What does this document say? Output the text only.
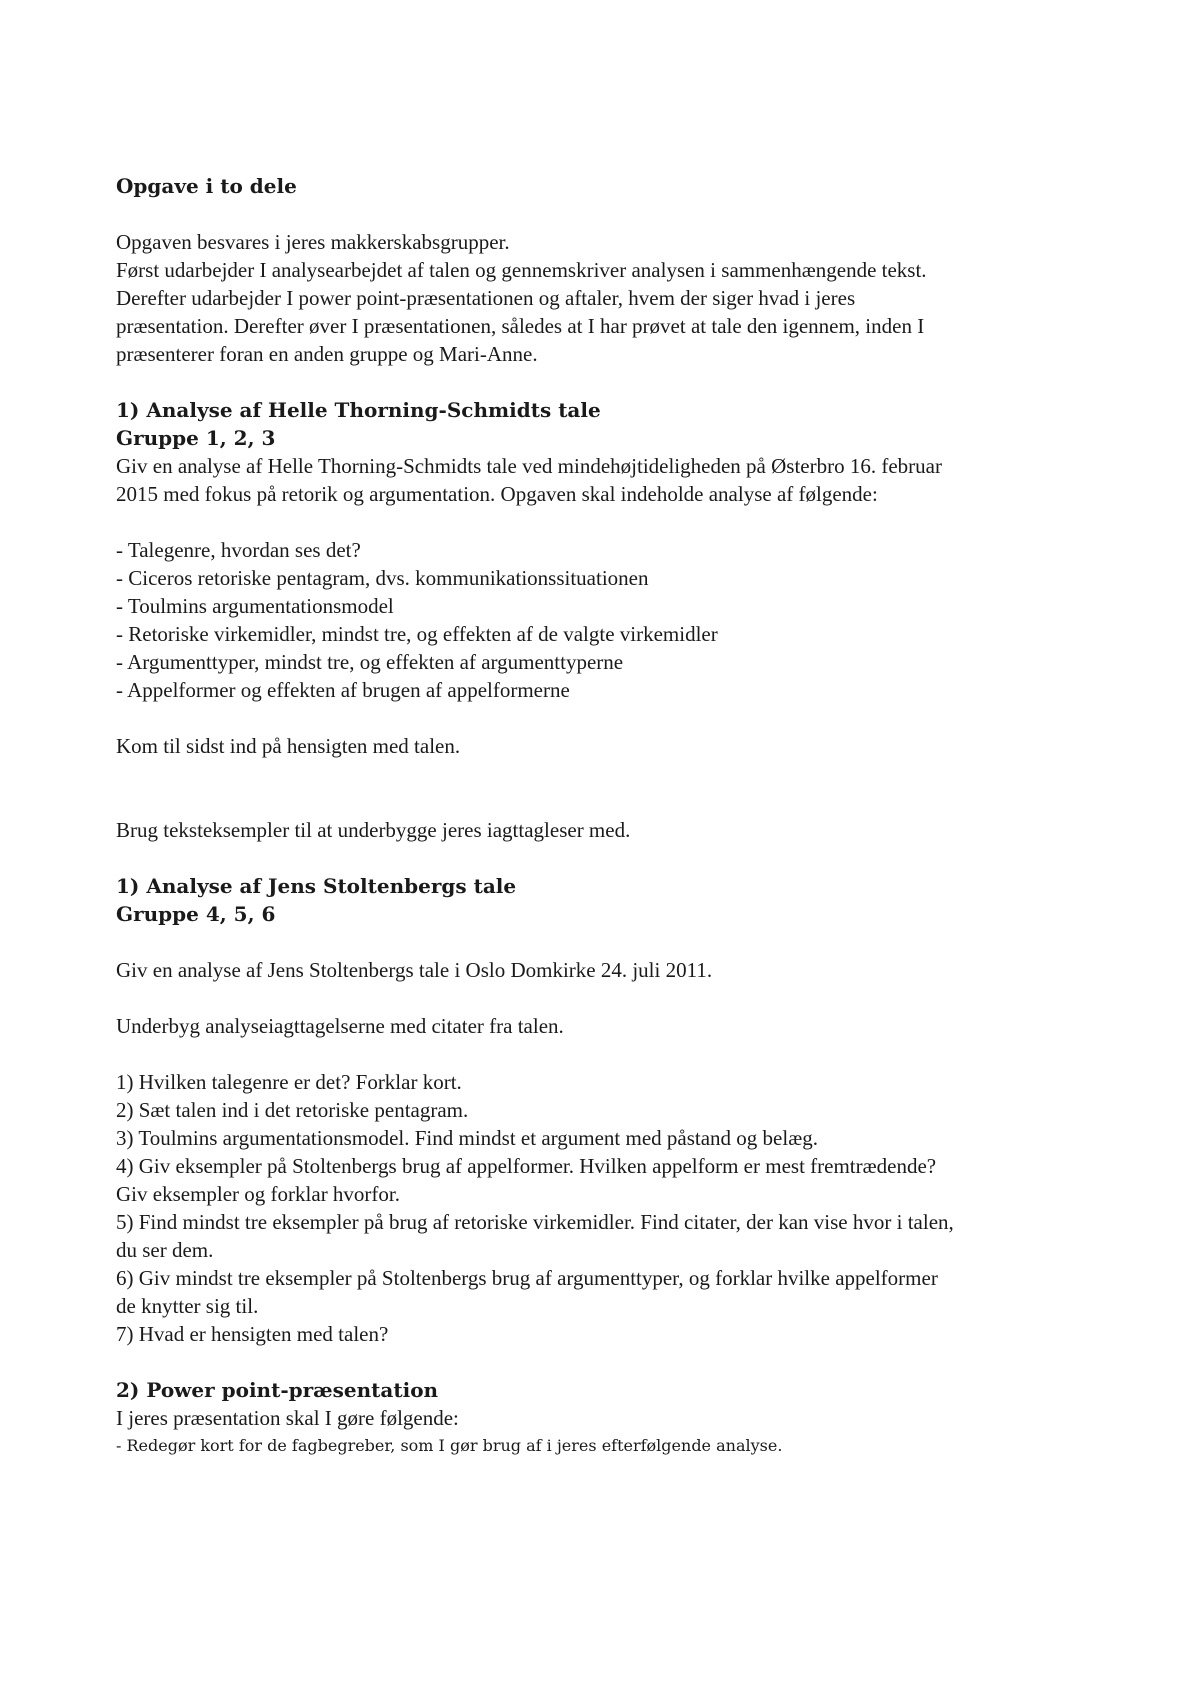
Opgave i to dele

Opgaven besvares i jeres makkerskabsgrupper.

Først udarbejder I analysearbejdet af talen og gennemskriver analysen i sammenhængende tekst.

Derefter udarbejder I power point-præsentationen og aftaler, hvem der siger hvad i jeres

præsentation. Derefter øver I præsentationen, således at I har prøvet at tale den igennem, inden I

præsenterer foran en anden gruppe og Mari-Anne.

1) Analyse af Helle Thorning-Schmidts tale

Gruppe 1, 2, 3

Giv en analyse af Helle Thorning-Schmidts tale ved mindehøjtideligheden på Østerbro 16. februar

2015 med fokus på retorik og argumentation. Opgaven skal indeholde analyse af følgende:

- Talegenre, hvordan ses det?

- Ciceros retoriske pentagram, dvs. kommunikationssituationen

- Toulmins argumentationsmodel

- Retoriske virkemidler, mindst tre, og effekten af de valgte virkemidler

- Argumenttyper, mindst tre, og effekten af argumenttyperne

- Appelformer og effekten af brugen af appelformerne

Kom til sidst ind på hensigten med talen.

Brug teksteksempler til at underbygge jeres iagttagleser med.

1) Analyse af Jens Stoltenbergs tale

Gruppe 4, 5, 6

Giv en analyse af Jens Stoltenbergs tale i Oslo Domkirke 24. juli 2011.

Underbyg analyseiagttagelserne med citater fra talen.

1) Hvilken talegenre er det? Forklar kort.

2) Sæt talen ind i det retoriske pentagram.

3) Toulmins argumentationsmodel. Find mindst et argument med påstand og belæg.

4) Giv eksempler på Stoltenbergs brug af appelformer. Hvilken appelform er mest fremtrædende?

Giv eksempler og forklar hvorfor.

5) Find mindst tre eksempler på brug af retoriske virkemidler. Find citater, der kan vise hvor i talen,

du ser dem.

6) Giv mindst tre eksempler på Stoltenbergs brug af argumenttyper, og forklar hvilke appelformer

de knytter sig til.

7) Hvad er hensigten med talen?

2) Power point-præsentation

I jeres præsentation skal I gøre følgende:

- Redegør kort for de fagbegreber, som I gør brug af i jeres efterfølgende analyse.
